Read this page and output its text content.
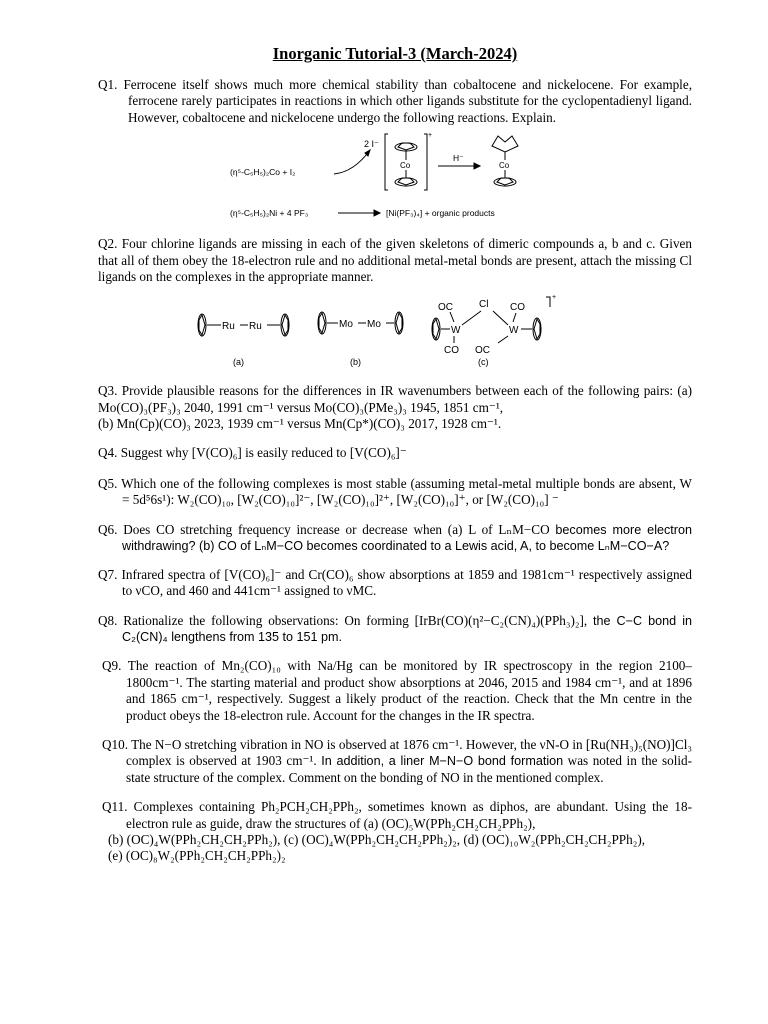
Inorganic Tutorial-3 (March-2024)

Q1. Ferrocene itself shows much more chemical stability than cobaltocene and nickelocene. For example, ferrocene rarely participates in reactions in which other ligands substitute for the cyclopentadienyl ligand. However, cobaltocene and nickelocene undergo the following reactions. Explain.

(η⁵-C₅H₅)₂Co + I₂
2 I⁻
Co
+
H⁻
Co
(η⁵-C₅H₅)₂Ni + 4 PF₃	[Ni(PF₃)₄] + organic products

Q2. Four chlorine ligands are missing in each of the given skeletons of dimeric compounds a, b and c. Given that all of them obey the 18-electron rule and no additional metal-metal bonds are present, attach the missing Cl ligands on the complexes in the appropriate manner.

Ru Ru
(a)
Mo Mo
(b)
W
OC
CO
Cl
W
CO
OC
+
(c)

Q3. Provide plausible reasons for the differences in IR wavenumbers between each of the following pairs: (a) Mo(CO)₃(PF₃)₃ 2040, 1991 cm⁻¹ versus Mo(CO)₃(PMe₃)₃ 1945, 1851 cm⁻¹,
(b) Mn(Cp)(CO)₃ 2023, 1939 cm⁻¹ versus Mn(Cp*)(CO)₃ 2017, 1928 cm⁻¹.

Q4. Suggest why [V(CO)₆] is easily reduced to [V(CO)₆]⁻

Q5. Which one of the following complexes is most stable (assuming metal-metal multiple bonds are absent, W = 5d⁵6s¹): W₂(CO)₁₀, [W₂(CO)₁₀]²⁻, [W₂(CO)₁₀]²⁺, [W₂(CO)₁₀]⁺, or [W₂(CO)₁₀] ⁻

Q6. Does CO stretching frequency increase or decrease when (a) L of LₙM−CO becomes more electron withdrawing? (b) CO of LₙM−CO becomes coordinated to a Lewis acid, A, to become LₙM−CO−A?

Q7. Infrared spectra of [V(CO)₆]⁻ and Cr(CO)₆ show absorptions at 1859 and 1981cm⁻¹ respectively assigned to νCO, and 460 and 441cm⁻¹ assigned to νMC.

Q8. Rationalize the following observations: On forming [IrBr(CO)(η²−C₂(CN)₄)(PPh₃)₂], the C−C bond in C₂(CN)₄ lengthens from 135 to 151 pm.

Q9. The reaction of Mn₂(CO)₁₀ with Na/Hg can be monitored by IR spectroscopy in the region 2100–1800cm⁻¹. The starting material and product show absorptions at 2046, 2015 and 1984 cm⁻¹, and at 1896 and 1865 cm⁻¹, respectively. Suggest a likely product of the reaction. Check that the Mn centre in the product obeys the 18-electron rule. Account for the changes in the IR spectra.

Q10. The N−O stretching vibration in NO is observed at 1876 cm⁻¹. However, the νN-O in [Ru(NH₃)₅(NO)]Cl₃ complex is observed at 1903 cm⁻¹. In addition, a liner M−N−O bond formation was noted in the solid-state structure of the complex. Comment on the bonding of NO in the mentioned complex.

Q11. Complexes containing Ph₂PCH₂CH₂PPh₂, sometimes known as diphos, are abundant. Using the 18-electron rule as guide, draw the structures of (a) (OC)₅W(PPh₂CH₂CH₂PPh₂),
(b) (OC)₄W(PPh₂CH₂CH₂PPh₂), (c) (OC)₄W(PPh₂CH₂CH₂PPh₂)₂, (d) (OC)₁₀W₂(PPh₂CH₂CH₂PPh₂),
(e) (OC)₈W₂(PPh₂CH₂CH₂PPh₂)₂
